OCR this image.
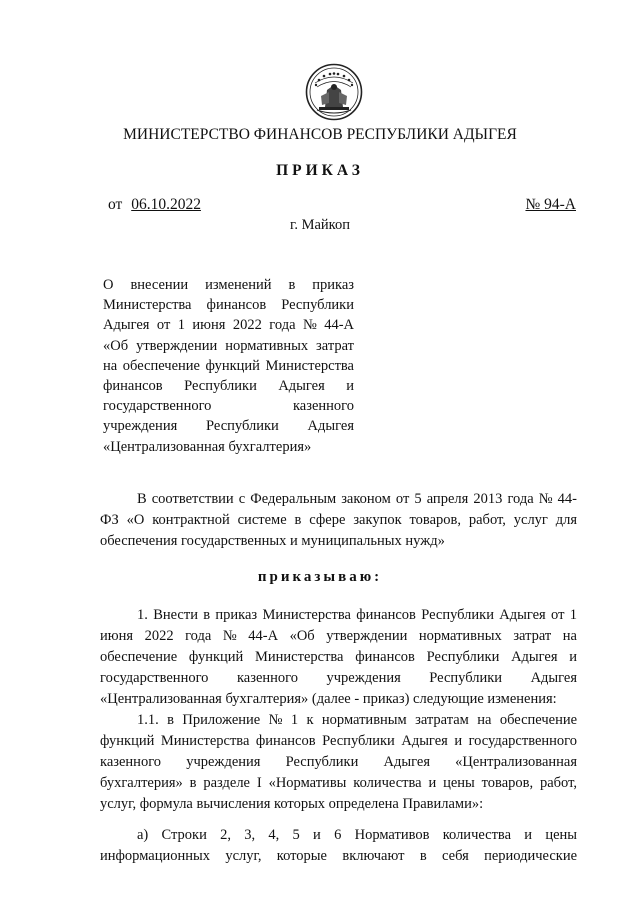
МИНИСТЕРСТВО ФИНАНСОВ РЕСПУБЛИКИ АДЫГЕЯ
ПРИКАЗ
от 06.10.2022	№ 94-А
г. Майкоп
О внесении изменений в приказ
Министерства финансов Республики
Адыгея от 1 июня 2022 года № 44-А
«Об утверждении нормативных затрат
на обеспечение функций Министерства
финансов Республики Адыгея и
государственного	казенного
учреждения Республики Адыгея
«Централизованная бухгалтерия»
В соответствии с Федеральным законом от 5 апреля 2013 года № 44-
ФЗ «О контрактной системе в сфере закупок товаров, работ, услуг для
обеспечения государственных и муниципальных нужд»
приказываю:
1. Внести в приказ Министерства финансов Республики Адыгея от 1
июня 2022 года № 44-А «Об утверждении нормативных затрат на
обеспечение функций Министерства финансов Республики Адыгея и
государственного казенного учреждения Республики Адыгея
«Централизованная бухгалтерия» (далее - приказ) следующие изменения:
1.1. в Приложение № 1 к нормативным затратам на обеспечение
функций Министерства финансов Республики Адыгея и государственного
казенного учреждения Республики Адыгея «Централизованная
бухгалтерия» в разделе I «Нормативы количества и цены товаров, работ,
услуг, формула вычисления которых определена Правилами»:
а) Строки 2, 3, 4, 5 и 6 Нормативов количества и цены
информационных услуг, которые включают в себя периодические
